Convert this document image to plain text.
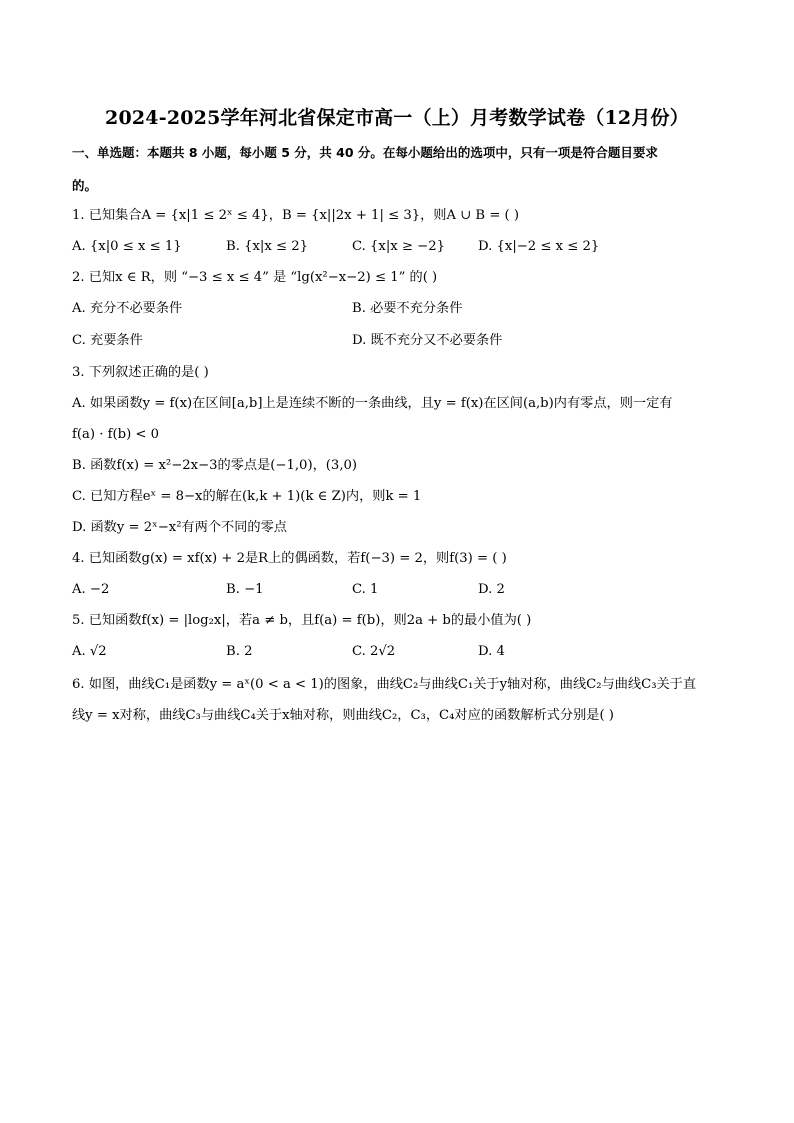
2024-2025学年河北省保定市高一（上）月考数学试卷（12月份）
一、单选题：本题共 8 小题，每小题 5 分，共 40 分。在每小题给出的选项中，只有一项是符合题目要求
的。
1. 已知集合A = {x|1 ≤ 2ˣ ≤ 4}，B = {x||2x + 1| ≤ 3}，则A ∪ B = ( )
A. {x|0 ≤ x ≤ 1}	B. {x|x ≤ 2}	C. {x|x ≥ −2}	D. {x|−2 ≤ x ≤ 2}
2. 已知x ∈ R，则 “−3 ≤ x ≤ 4” 是 “lg(x²−x−2) ≤ 1” 的( )
A. 充分不必要条件	B. 必要不充分条件
C. 充要条件	D. 既不充分又不必要条件
3. 下列叙述正确的是( )
A. 如果函数y = f(x)在区间[a,b]上是连续不断的一条曲线，且y = f(x)在区间(a,b)内有零点，则一定有
f(a) · f(b) < 0
B. 函数f(x) = x²−2x−3的零点是(−1,0)，(3,0)
C. 已知方程eˣ = 8−x的解在(k,k + 1)(k ∈ Z)内，则k = 1
D. 函数y = 2ˣ−x²有两个不同的零点
4. 已知函数g(x) = xf(x) + 2是R上的偶函数，若f(−3) = 2，则f(3) = ( )
A. −2	B. −1	C. 1	D. 2
5. 已知函数f(x) = |log₂x|，若a ≠ b，且f(a) = f(b)，则2a + b的最小值为( )
A. √2	B. 2	C. 2√2	D. 4
6. 如图，曲线C₁是函数y = aˣ(0 < a < 1)的图象，曲线C₂与曲线C₁关于y轴对称，曲线C₂与曲线C₃关于直
线y = x对称，曲线C₃与曲线C₄关于x轴对称，则曲线C₂，C₃，C₄对应的函数解析式分别是( )
